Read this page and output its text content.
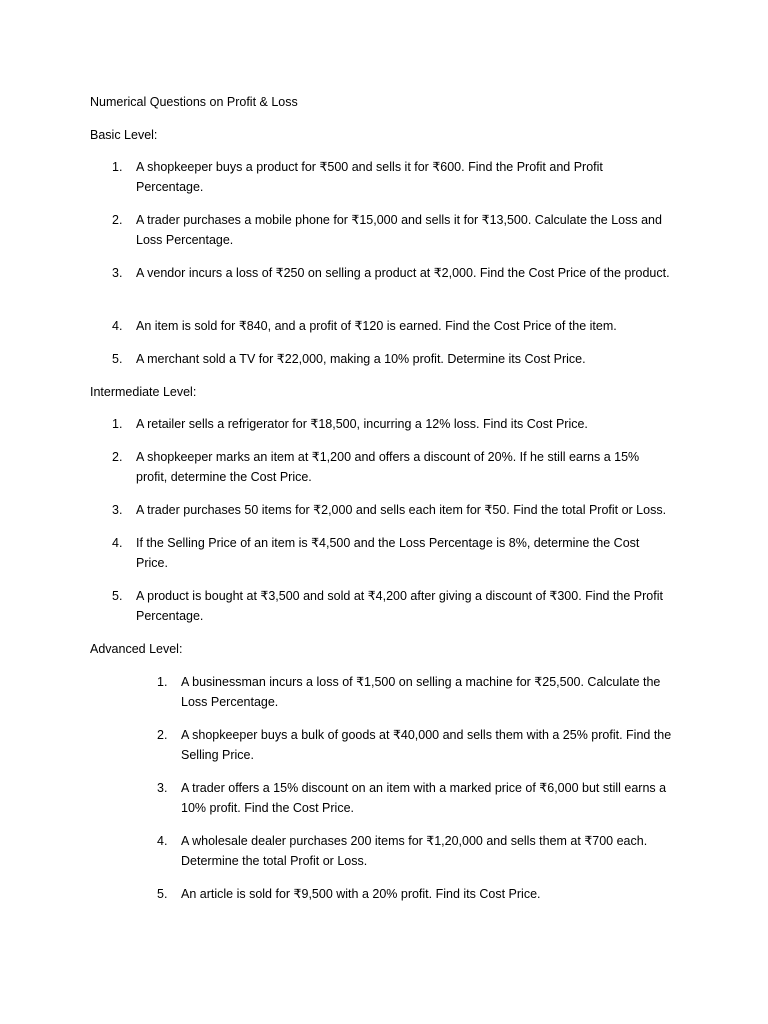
Numerical Questions on Profit & Loss
Basic Level:
1.	A shopkeeper buys a product for ₹500 and sells it for ₹600. Find the Profit and Profit Percentage.
2.	A trader purchases a mobile phone for ₹15,000 and sells it for ₹13,500. Calculate the Loss and Loss Percentage.
3.	A vendor incurs a loss of ₹250 on selling a product at ₹2,000. Find the Cost Price of the product.
4.	An item is sold for ₹840, and a profit of ₹120 is earned. Find the Cost Price of the item.
5.	A merchant sold a TV for ₹22,000, making a 10% profit. Determine its Cost Price.
Intermediate Level:
1.	A retailer sells a refrigerator for ₹18,500, incurring a 12% loss. Find its Cost Price.
2.	A shopkeeper marks an item at ₹1,200 and offers a discount of 20%. If he still earns a 15% profit, determine the Cost Price.
3.	A trader purchases 50 items for ₹2,000 and sells each item for ₹50. Find the total Profit or Loss.
4.	If the Selling Price of an item is ₹4,500 and the Loss Percentage is 8%, determine the Cost Price.
5.	A product is bought at ₹3,500 and sold at ₹4,200 after giving a discount of ₹300. Find the Profit Percentage.
Advanced Level:
1.	A businessman incurs a loss of ₹1,500 on selling a machine for ₹25,500. Calculate the Loss Percentage.
2.	A shopkeeper buys a bulk of goods at ₹40,000 and sells them with a 25% profit. Find the Selling Price.
3.	A trader offers a 15% discount on an item with a marked price of ₹6,000 but still earns a 10% profit. Find the Cost Price.
4.	A wholesale dealer purchases 200 items for ₹1,20,000 and sells them at ₹700 each. Determine the total Profit or Loss.
5.	An article is sold for ₹9,500 with a 20% profit. Find its Cost Price.
